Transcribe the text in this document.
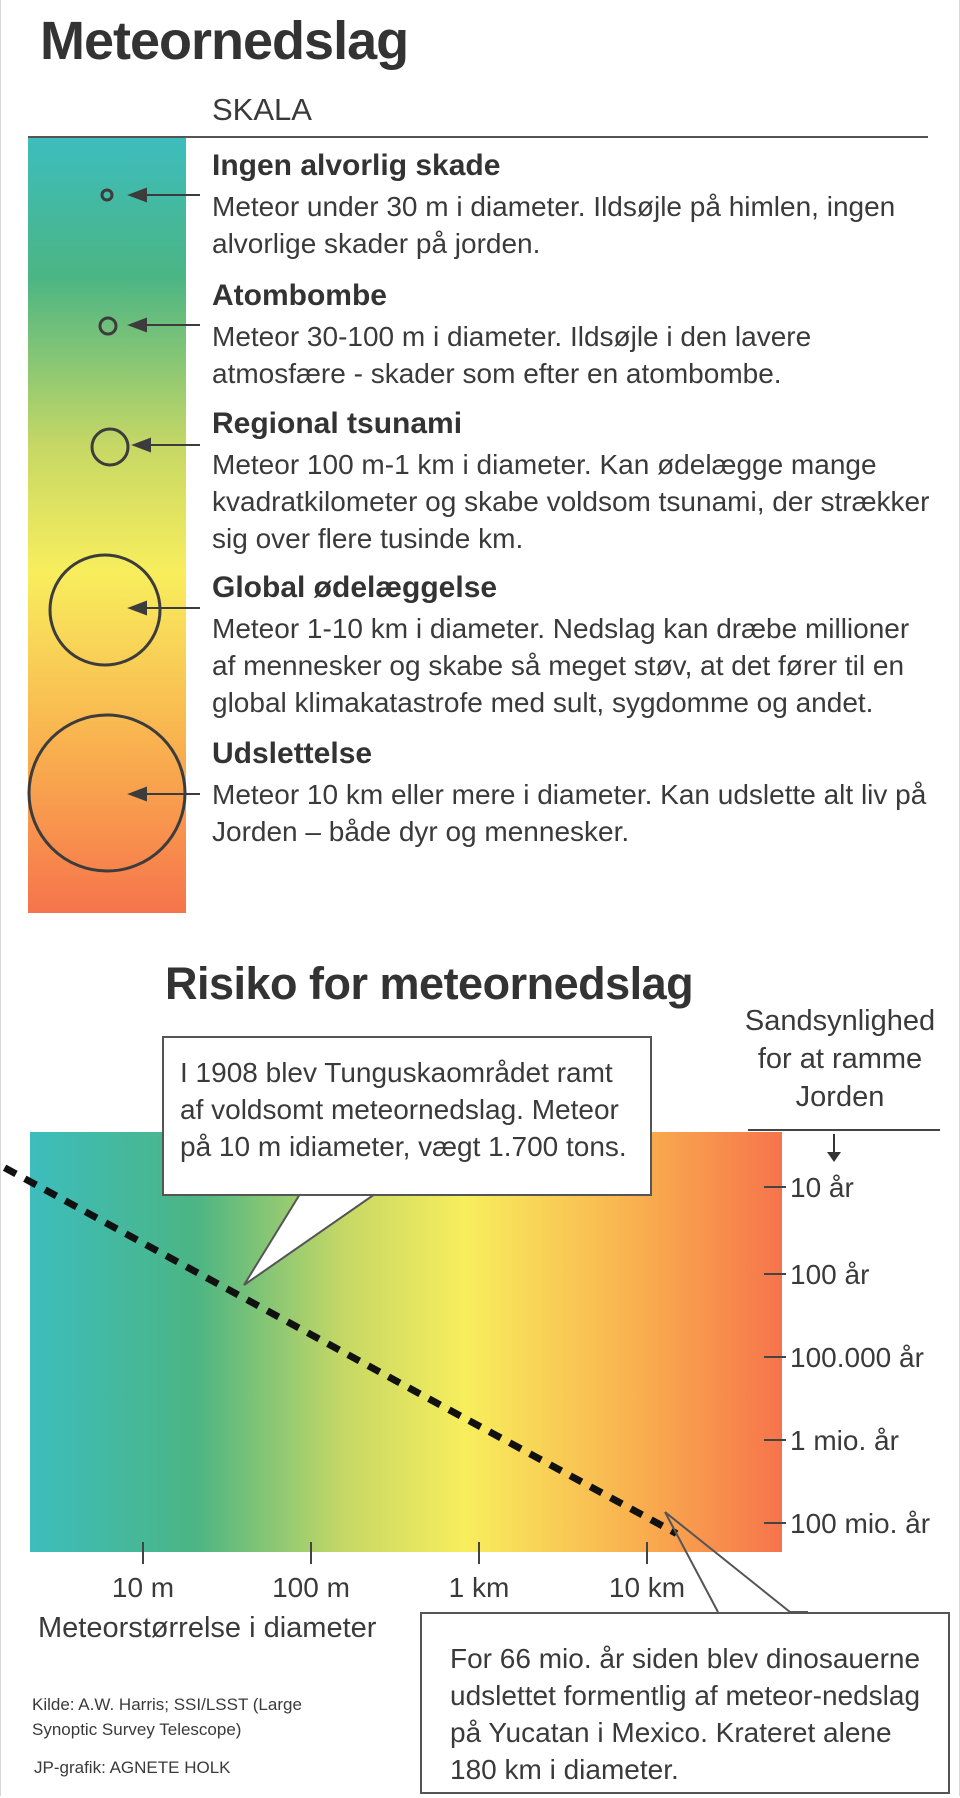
Meteornedslag
SKALA
Ingen alvorlig skade
Meteor under 30 m i diameter. Ildsøjle på himlen, ingen alvorlige skader på jorden.
Atombombe
Meteor 30-100 m i diameter. Ildsøjle i den lavere atmosfære - skader som efter en atombombe.
Regional tsunami
Meteor 100 m-1 km i diameter. Kan ødelægge mange kvadratkilometer og skabe voldsom tsunami, der strækker sig over flere tusinde km.
Global ødelæggelse
Meteor 1-10 km i diameter. Nedslag kan dræbe millioner af mennesker og skabe så meget støv, at det fører til en global klimakatastrofe med sult, sygdomme og andet.
Udslettelse
Meteor 10 km eller mere i diameter. Kan udslette alt liv på Jorden – både dyr og mennesker.
Risiko for meteornedslag
Sandsynlighed for at ramme Jorden
10 m	100 m	1 km	10 km
10 år
100 år
100.000 år
1 mio. år
100 mio. år
I 1908 blev Tunguskaområdet ramt af voldsomt meteornedslag. Meteor på 10 m idiameter, vægt 1.700 tons.
For 66 mio. år siden blev dinosauerne udslettet formentlig af meteor-nedslag på Yucatan i Mexico. Krateret alene 180 km i diameter.
Meteorstørrelse i diameter
Kilde: A.W. Harris; SSI/LSST (Large Synoptic Survey Telescope)
JP-grafik: AGNETE HOLK
